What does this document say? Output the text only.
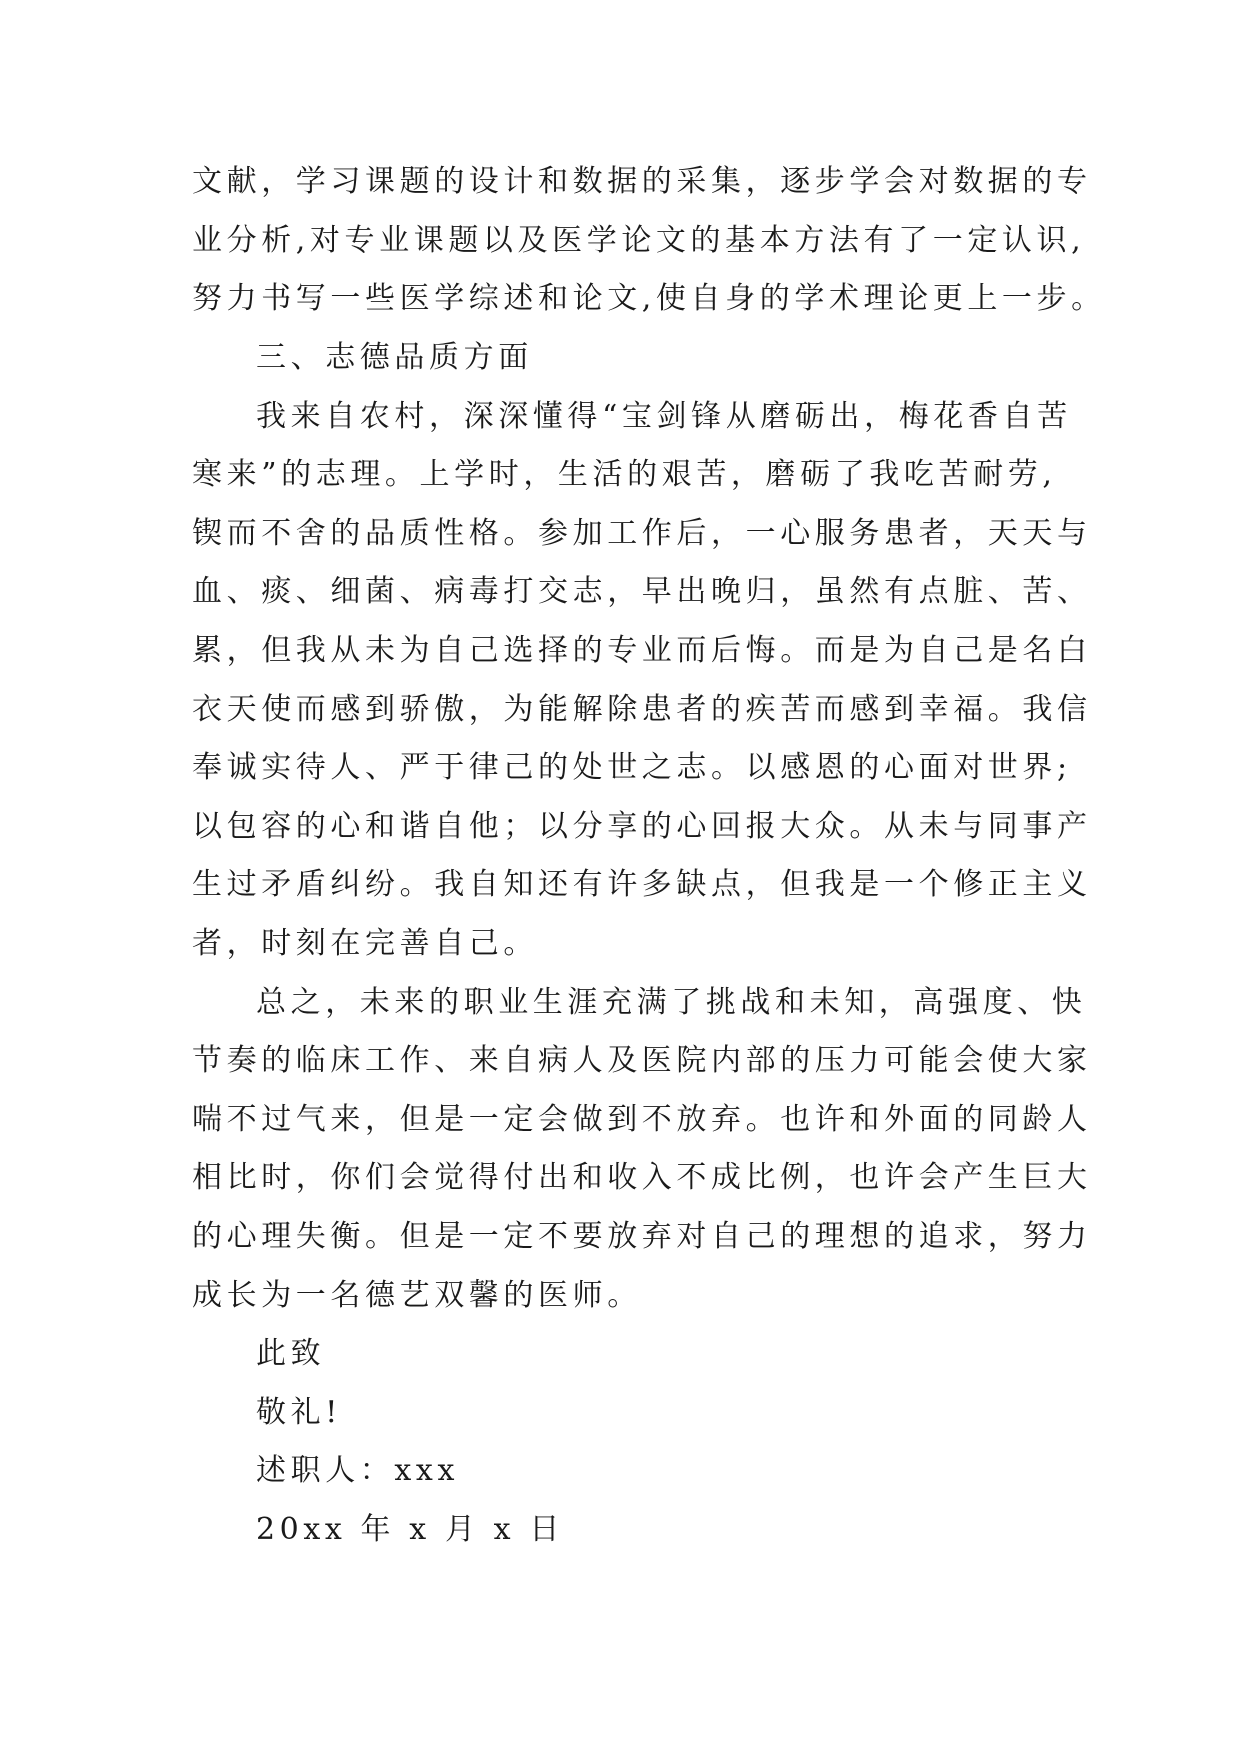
文献，学习课题的设计和数据的采集，逐步学会对数据的专
业分析,对专业课题以及医学论文的基本方法有了一定认识,
努力书写一些医学综述和论文,使自身的学术理论更上一步。
三、志德品质方面
我来自农村，深深懂得“宝剑锋从磨砺出，梅花香自苦
寒来”的志理。上学时，生活的艰苦，磨砺了我吃苦耐劳,
锲而不舍的品质性格。参加工作后，一心服务患者，天天与
血、痰、细菌、病毒打交志，早出晚归，虽然有点脏、苦、
累，但我从未为自己选择的专业而后悔。而是为自己是名白
衣天使而感到骄傲，为能解除患者的疾苦而感到幸福。我信
奉诚实待人、严于律己的处世之志。以感恩的心面对世界;
以包容的心和谐自他；以分享的心回报大众。从未与同事产
生过矛盾纠纷。我自知还有许多缺点，但我是一个修正主义
者，时刻在完善自己。
总之，未来的职业生涯充满了挑战和未知，高强度、快
节奏的临床工作、来自病人及医院内部的压力可能会使大家
喘不过气来，但是一定会做到不放弃。也许和外面的同龄人
相比时，你们会觉得付出和收入不成比例，也许会产生巨大
的心理失衡。但是一定不要放弃对自己的理想的追求，努力
成长为一名德艺双馨的医师。
此致
敬礼!
述职人：xxx
20xx 年 x 月 x 日
